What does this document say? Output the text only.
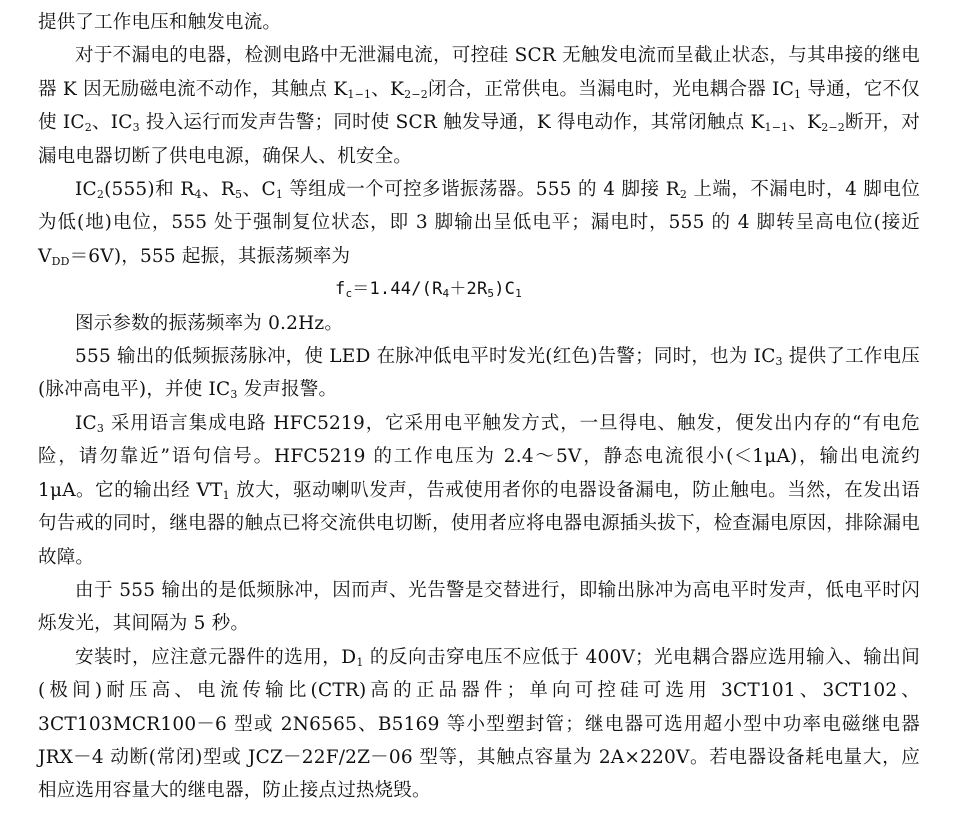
提供了工作电压和触发电流。

对于不漏电的电器，检测电路中无泄漏电流，可控硅 SCR 无触发电流而呈截止状态，与其串接的继电器 K 因无励磁电流不动作，其触点 $K_{1-1}$、$K_{2-2}$闭合，正常供电。当漏电时，光电耦合器 $IC_1$ 导通，它不仅使 $IC_2$、$IC_3$ 投入运行而发声告警；同时使 SCR 触发导通，K 得电动作，其常闭触点 $K_{1-1}$、$K_{2-2}$断开，对漏电电器切断了供电电源，确保人、机安全。

$IC_2(555)$和 $R_4$、$R_5$、$C_1$ 等组成一个可控多谐振荡器。555 的 4 脚接 $R_2$ 上端，不漏电时，4 脚电位为低(地)电位，555 处于强制复位状态，即 3 脚输出呈低电平；漏电时，555 的 4 脚转呈高电位(接近 $V_{DD}=6V$)，555 起振，其振荡频率为

$f_c=1.44/(R_4+2R_5)C_1$

图示参数的振荡频率为 0.2Hz。

555 输出的低频振荡脉冲，使 LED 在脉冲低电平时发光(红色)告警；同时，也为 $IC_3$ 提供了工作电压(脉冲高电平)，并使 $IC_3$ 发声报警。

$IC_3$ 采用语言集成电路 HFC5219，它采用电平触发方式，一旦得电、触发，便发出内存的“有电危险，请勿靠近”语句信号。HFC5219 的工作电压为 2.4～5V，静态电流很小(＜1μA)，输出电流约 1μA。它的输出经 $VT_1$ 放大，驱动喇叭发声，告戒使用者你的电器设备漏电，防止触电。当然，在发出语句告戒的同时，继电器的触点已将交流供电切断，使用者应将电器电源插头拔下，检查漏电原因，排除漏电故障。

由于 555 输出的是低频脉冲，因而声、光告警是交替进行，即输出脉冲为高电平时发声，低电平时闪烁发光，其间隔为 5 秒。

安装时，应注意元器件的选用，$D_1$ 的反向击穿电压不应低于 400V；光电耦合器应选用输入、输出间(极间)耐压高、电流传输比(CTR)高的正品器件；单向可控硅可选用 3CT101、3CT102、3CT103MCR100－6 型或 2N6565、B5169 等小型塑封管；继电器可选用超小型中功率电磁继电器 JRX－4 动断(常闭)型或 JCZ－22F/2Z－06 型等，其触点容量为 2A×220V。若电器设备耗电量大，应相应选用容量大的继电器，防止接点过热烧毁。
